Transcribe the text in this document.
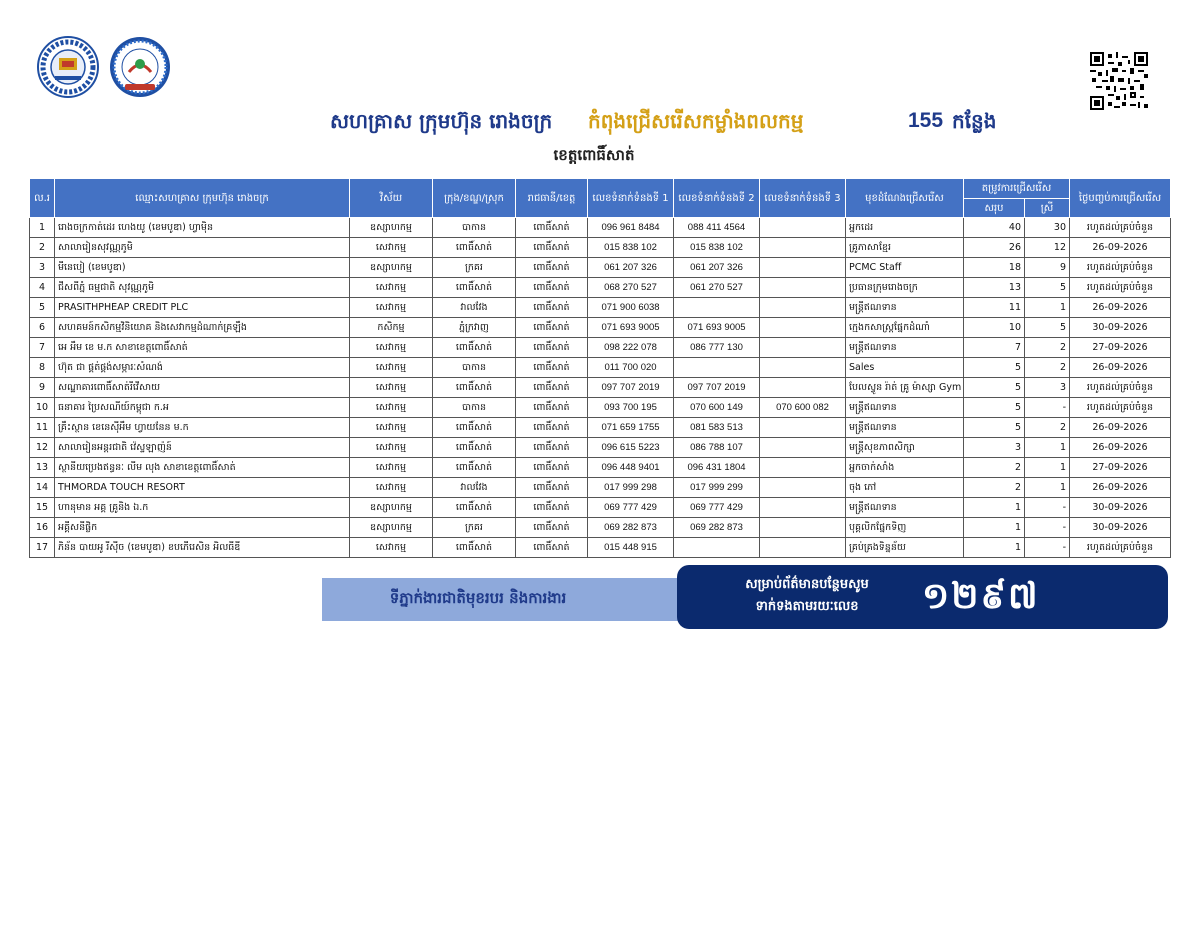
សហគ្រាស ក្រុមហ៊ុន រោងចក្រ កំពុងជ្រើសរើសកម្លាំងពលកម្ម	155 កន្លែង
ខេត្តពោធិ៍សាត់
ល.រ	ឈ្មោះសហគ្រាស ក្រុមហ៊ុន រោងចក្រ	វិស័យ	ក្រុង/ខណ្ឌ/ស្រុក	រាជធានី/ខេត្ត	លេខទំនាក់ទំនងទី 1	លេខទំនាក់ទំនងទី 2	លេខទំនាក់ទំនងទី 3	មុខដំណែងជ្រើសរើស	តម្រូវការជ្រើសរើស		ថ្ងៃបញ្ចប់ការជ្រើសរើស
									សរុប	ស្រី	
1	រោងចក្រកាត់ដេរ ហេងយូ (ខេមបូឌា) ហ្វាម៉ិន	ឧស្សាហកម្ម	បាកាន	ពោធិ៍សាត់	096 961 8484	088 411 4564		អ្នកដេរ	40	30	រហូតដល់គ្រប់ចំនួន
2	សាលារៀនសុវណ្ណភូមិ	សេវាកម្ម	ពោធិ៍សាត់	ពោធិ៍សាត់	015 838 102	015 838 102		គ្រូភាសាខ្មែរ	26	12	26-09-2026
3	មីនេបៀ (ខេមបូឌា)	ឧស្សាហកម្ម	ក្រគរ	ពោធិ៍សាត់	061 207 326	061 207 326		PCMC Staff	18	9	រហូតដល់គ្រប់ចំនួន
4	ជីសពីភ្នំ ធម្មជាតិ សុវណ្ណភូមិ	សេវាកម្ម	ពោធិ៍សាត់	ពោធិ៍សាត់	068 270 527	061 270 527		ប្រធានក្រុមរោងចក្រ	13	5	រហូតដល់គ្រប់ចំនួន
5	PRASITHPHEAP CREDIT PLC	សេវាកម្ម	វាលវែង	ពោធិ៍សាត់	071 900 6038			មន្ត្រីឥណទាន	11	1	26-09-2026
6	សហគមន៍កសិកម្មវិនិយោគ និងសេវាកម្មដំណាក់គ្រឡឹង	កសិកម្ម	ភ្នំក្រវាញ	ពោធិ៍សាត់	071 693 9005	071 693 9005		ក្មេងកសាស្ត្រផ្នែកដំណាំ	10	5	30-09-2026
7	អេ អឹម ខេ ម.ក សាខាខេត្តពោធិ៍សាត់	សេវាកម្ម	ពោធិ៍សាត់	ពោធិ៍សាត់	098 222 078	086 777 130		មន្ត្រីឥណទាន	7	2	27-09-2026
8	ហ៊ុត ជា ផ្គត់ផ្គង់សម្ភារៈសំណង់	សេវាកម្ម	បាកាន	ពោធិ៍សាត់	011 700 020			Sales	5	2	26-09-2026
9	សណ្ឋាគារពោធិ៍សាត់រីវើសាយ	សេវាកម្ម	ពោធិ៍សាត់	ពោធិ៍សាត់	097 707 2019	097 707 2019		បែលស្វូន រ៉ាត់ គ្រូ ម៉ាស្សា Gym	5	3	រហូតដល់គ្រប់ចំនួន
10	ធនាគារ ប្រៃសណីយ៍កម្ពុជា ក.អ	សេវាកម្ម	បាកាន	ពោធិ៍សាត់	093 700 195	070 600 149	070 600 082	មន្ត្រីឥណទាន	5	-	រហូតដល់គ្រប់ចំនួន
11	គ្រឹះស្ថាន ខេនេស៊ីអឹម ហ្វាយនែន ម.ក	សេវាកម្ម	ពោធិ៍សាត់	ពោធិ៍សាត់	071 659 1755	081 583 513		មន្ត្រីឥណទាន	5	2	26-09-2026
12	សាលារៀនអន្តរជាតិ វ៉េស្ទឡាញ៉ន៍	សេវាកម្ម	ពោធិ៍សាត់	ពោធិ៍សាត់	096 615 5223	086 788 107		មន្ត្រីសុខភាពសិក្សា	3	1	26-09-2026
13	ស្ថានីយប្រេងឥន្ធនៈ លីម លុង សាខាខេត្តពោធិ៍សាត់	សេវាកម្ម	ពោធិ៍សាត់	ពោធិ៍សាត់	096 448 9401	096 431 1804		អ្នកចាក់សាំង	2	1	27-09-2026
14	THMORDA TOUCH RESORT	សេវាកម្ម	វាលវែង	ពោធិ៍សាត់	017 999 298	017 999 299		ចុង ភៅ	2	1	26-09-2026
15	ហានុមាន អគ្គ គ្រូនិង ឯ.ក	ឧស្សាហកម្ម	ពោធិ៍សាត់	ពោធិ៍សាត់	069 777 429	069 777 429		មន្ត្រីឥណទាន	1	-	30-09-2026
16	អគ្គីសនីផ្លិក	ឧស្សាហកម្ម	ក្រគរ	ពោធិ៍សាត់	069 282 873	069 282 873		បុគ្គលិកផ្នែកទិញ	1	-	30-09-2026
17	ភិន័ន បាយអូ រីស៊ីច (ខេមបូឌា) ខបភើរេសិន អិលធីឌី	សេវាកម្ម	ពោធិ៍សាត់	ពោធិ៍សាត់	015 448 915			គ្រប់គ្រងទិន្នន័យ	1	-	រហូតដល់គ្រប់ចំនួន
ទីភ្នាក់ងារជាតិមុខរបរ និងការងារ
សម្រាប់ព័ត៌មានបន្ថែមសូម
ទាក់ទងតាមរយៈលេខ	១២៩៧
